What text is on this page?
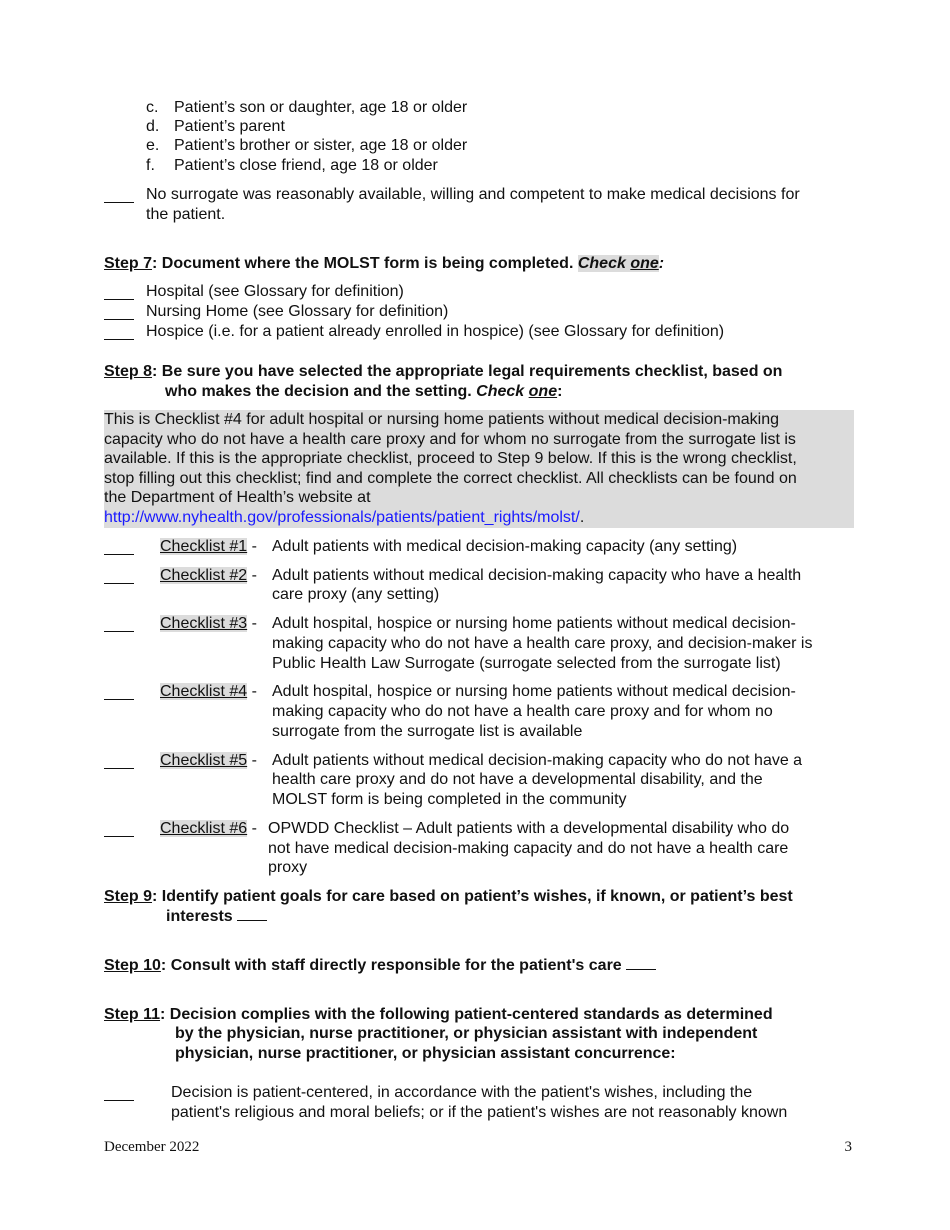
c. Patient’s son or daughter, age 18 or older
d. Patient’s parent
e. Patient’s brother or sister, age 18 or older
f. Patient’s close friend, age 18 or older
No surrogate was reasonably available, willing and competent to make medical decisions for
the patient.
Step 7: Document where the MOLST form is being completed. Check one:
Hospital (see Glossary for definition)
Nursing Home (see Glossary for definition)
Hospice (i.e. for a patient already enrolled in hospice) (see Glossary for definition)
Step 8: Be sure you have selected the appropriate legal requirements checklist, based on
who makes the decision and the setting. Check one:
This is Checklist #4 for adult hospital or nursing home patients without medical decision-making
capacity who do not have a health care proxy and for whom no surrogate from the surrogate list is
available. If this is the appropriate checklist, proceed to Step 9 below. If this is the wrong checklist,
stop filling out this checklist; find and complete the correct checklist. All checklists can be found on
the Department of Health’s website at
http://www.nyhealth.gov/professionals/patients/patient_rights/molst/.
Checklist #1 - Adult patients with medical decision-making capacity (any setting)
Checklist #2 - Adult patients without medical decision-making capacity who have a health
care proxy (any setting)
Checklist #3 - Adult hospital, hospice or nursing home patients without medical decision-
making capacity who do not have a health care proxy, and decision-maker is
Public Health Law Surrogate (surrogate selected from the surrogate list)
Checklist #4 - Adult hospital, hospice or nursing home patients without medical decision-
making capacity who do not have a health care proxy and for whom no
surrogate from the surrogate list is available
Checklist #5 - Adult patients without medical decision-making capacity who do not have a
health care proxy and do not have a developmental disability, and the
MOLST form is being completed in the community
Checklist #6 - OPWDD Checklist – Adult patients with a developmental disability who do
not have medical decision-making capacity and do not have a health care
proxy
Step 9: Identify patient goals for care based on patient’s wishes, if known, or patient’s best
interests
Step 10: Consult with staff directly responsible for the patient's care
Step 11: Decision complies with the following patient-centered standards as determined
by the physician, nurse practitioner, or physician assistant with independent
physician, nurse practitioner, or physician assistant concurrence:
Decision is patient-centered, in accordance with the patient's wishes, including the
patient's religious and moral beliefs; or if the patient's wishes are not reasonably known
December 2022	3
